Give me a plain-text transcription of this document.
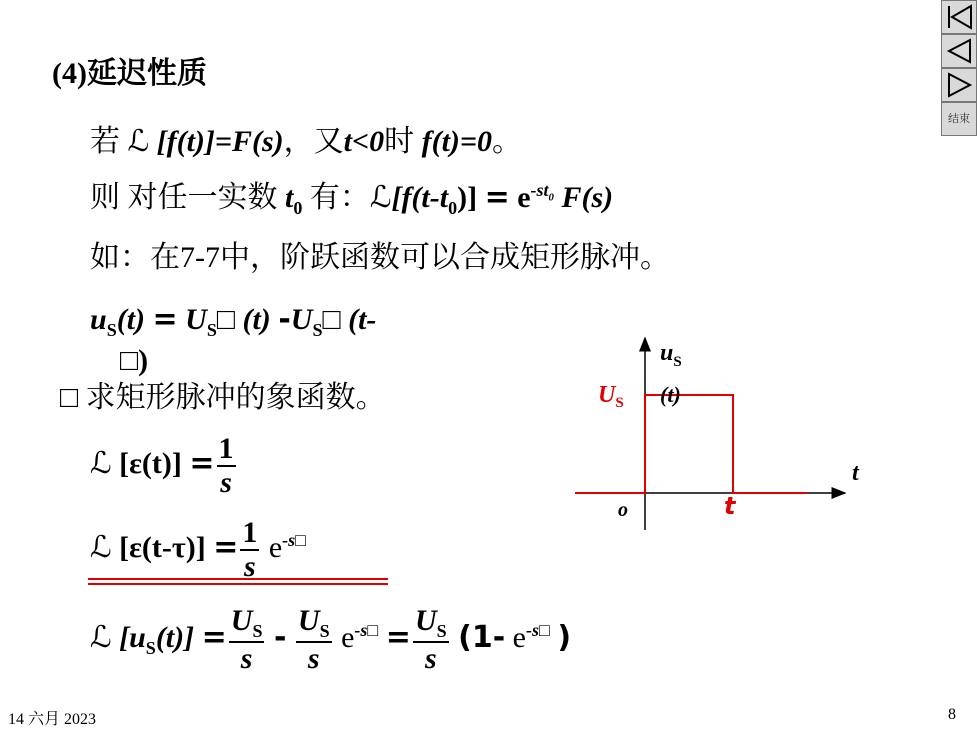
结束
(4)延迟性质
若 ℒ [f(t)]=F(s)，又t<0时 f(t)=0。
则 对任一实数 $t_0$ 有：$ℒ[f(t-t_0)] = e^{-st_0}$ F(s)
如：在7-7中，阶跃函数可以合成矩形脉冲。
$u_S(t)$ = $U_S□$ (t) $-U_S□$ (t-
□)
□ 求矩形脉冲的象函数。
ℒ $[\varepsilon(t)] = \frac{1}{s}$
ℒ $[\varepsilon(t-\tau)] = \frac{1}{s} e^{-s□}$
ℒ $[u_S(t)] = \frac{U_S}{s} - \frac{U_S}{s} e^{-s□} = \frac{U_S}{s} (1-$ $e^{-s□}$ )
$u_S$
(t)
$U_S$
t
o	t
14 六月 2023	8
